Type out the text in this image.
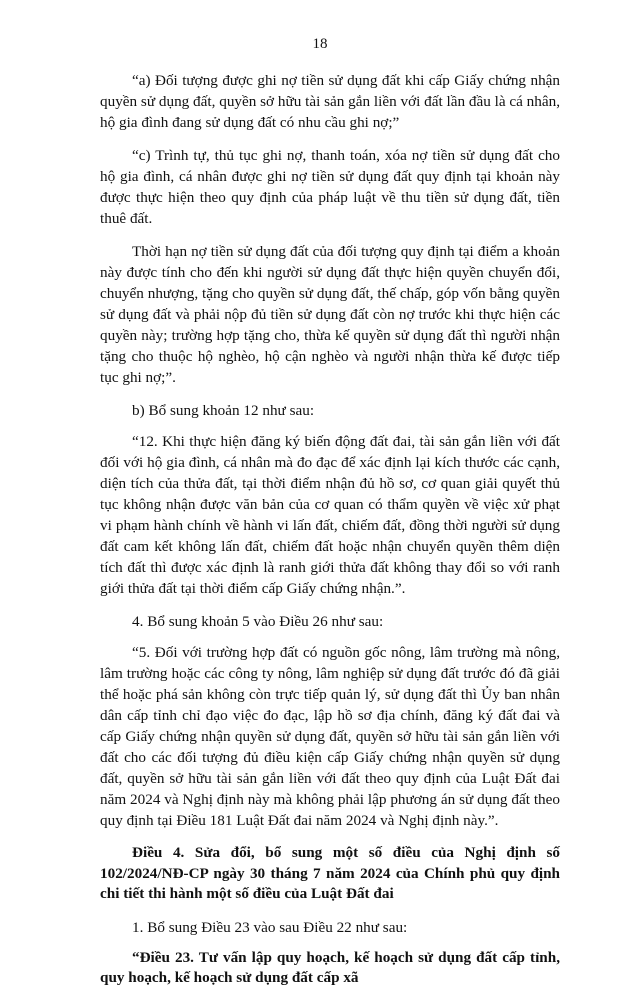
18

“a) Đối tượng được ghi nợ tiền sử dụng đất khi cấp Giấy chứng nhận quyền sử dụng đất, quyền sở hữu tài sản gắn liền với đất lần đầu là cá nhân, hộ gia đình đang sử dụng đất có nhu cầu ghi nợ;”

“c) Trình tự, thủ tục ghi nợ, thanh toán, xóa nợ tiền sử dụng đất cho hộ gia đình, cá nhân được ghi nợ tiền sử dụng đất quy định tại khoản này được thực hiện theo quy định của pháp luật về thu tiền sử dụng đất, tiền thuê đất.

Thời hạn nợ tiền sử dụng đất của đối tượng quy định tại điểm a khoản này được tính cho đến khi người sử dụng đất thực hiện quyền chuyển đổi, chuyển nhượng, tặng cho quyền sử dụng đất, thế chấp, góp vốn bằng quyền sử dụng đất và phải nộp đủ tiền sử dụng đất còn nợ trước khi thực hiện các quyền này; trường hợp tặng cho, thừa kế quyền sử dụng đất thì người nhận tặng cho thuộc hộ nghèo, hộ cận nghèo và người nhận thừa kế được tiếp tục ghi nợ;”.

b) Bổ sung khoản 12 như sau:

“12. Khi thực hiện đăng ký biến động đất đai, tài sản gắn liền với đất đối với hộ gia đình, cá nhân mà đo đạc để xác định lại kích thước các cạnh, diện tích của thửa đất, tại thời điểm nhận đủ hồ sơ, cơ quan giải quyết thủ tục không nhận được văn bản của cơ quan có thẩm quyền về việc xử phạt vi phạm hành chính về hành vi lấn đất, chiếm đất, đồng thời người sử dụng đất cam kết không lấn đất, chiếm đất hoặc nhận chuyển quyền thêm diện tích đất thì được xác định là ranh giới thửa đất không thay đổi so với ranh giới thửa đất tại thời điểm cấp Giấy chứng nhận.”.

4. Bổ sung khoản 5 vào Điều 26 như sau:

“5. Đối với trường hợp đất có nguồn gốc nông, lâm trường mà nông, lâm trường hoặc các công ty nông, lâm nghiệp sử dụng đất trước đó đã giải thể hoặc phá sản không còn trực tiếp quản lý, sử dụng đất thì Ủy ban nhân dân cấp tỉnh chỉ đạo việc đo đạc, lập hồ sơ địa chính, đăng ký đất đai và cấp Giấy chứng nhận quyền sử dụng đất, quyền sở hữu tài sản gắn liền với đất cho các đối tượng đủ điều kiện cấp Giấy chứng nhận quyền sử dụng đất, quyền sở hữu tài sản gắn liền với đất theo quy định của Luật Đất đai năm 2024 và Nghị định này mà không phải lập phương án sử dụng đất theo quy định tại Điều 181 Luật Đất đai năm 2024 và Nghị định này.”.

Điều 4. Sửa đổi, bổ sung một số điều của Nghị định số 102/2024/NĐ-CP ngày 30 tháng 7 năm 2024 của Chính phủ quy định chi tiết thi hành một số điều của Luật Đất đai

1. Bổ sung Điều 23 vào sau Điều 22 như sau:

“Điều 23. Tư vấn lập quy hoạch, kế hoạch sử dụng đất cấp tỉnh, quy hoạch, kế hoạch sử dụng đất cấp xã
